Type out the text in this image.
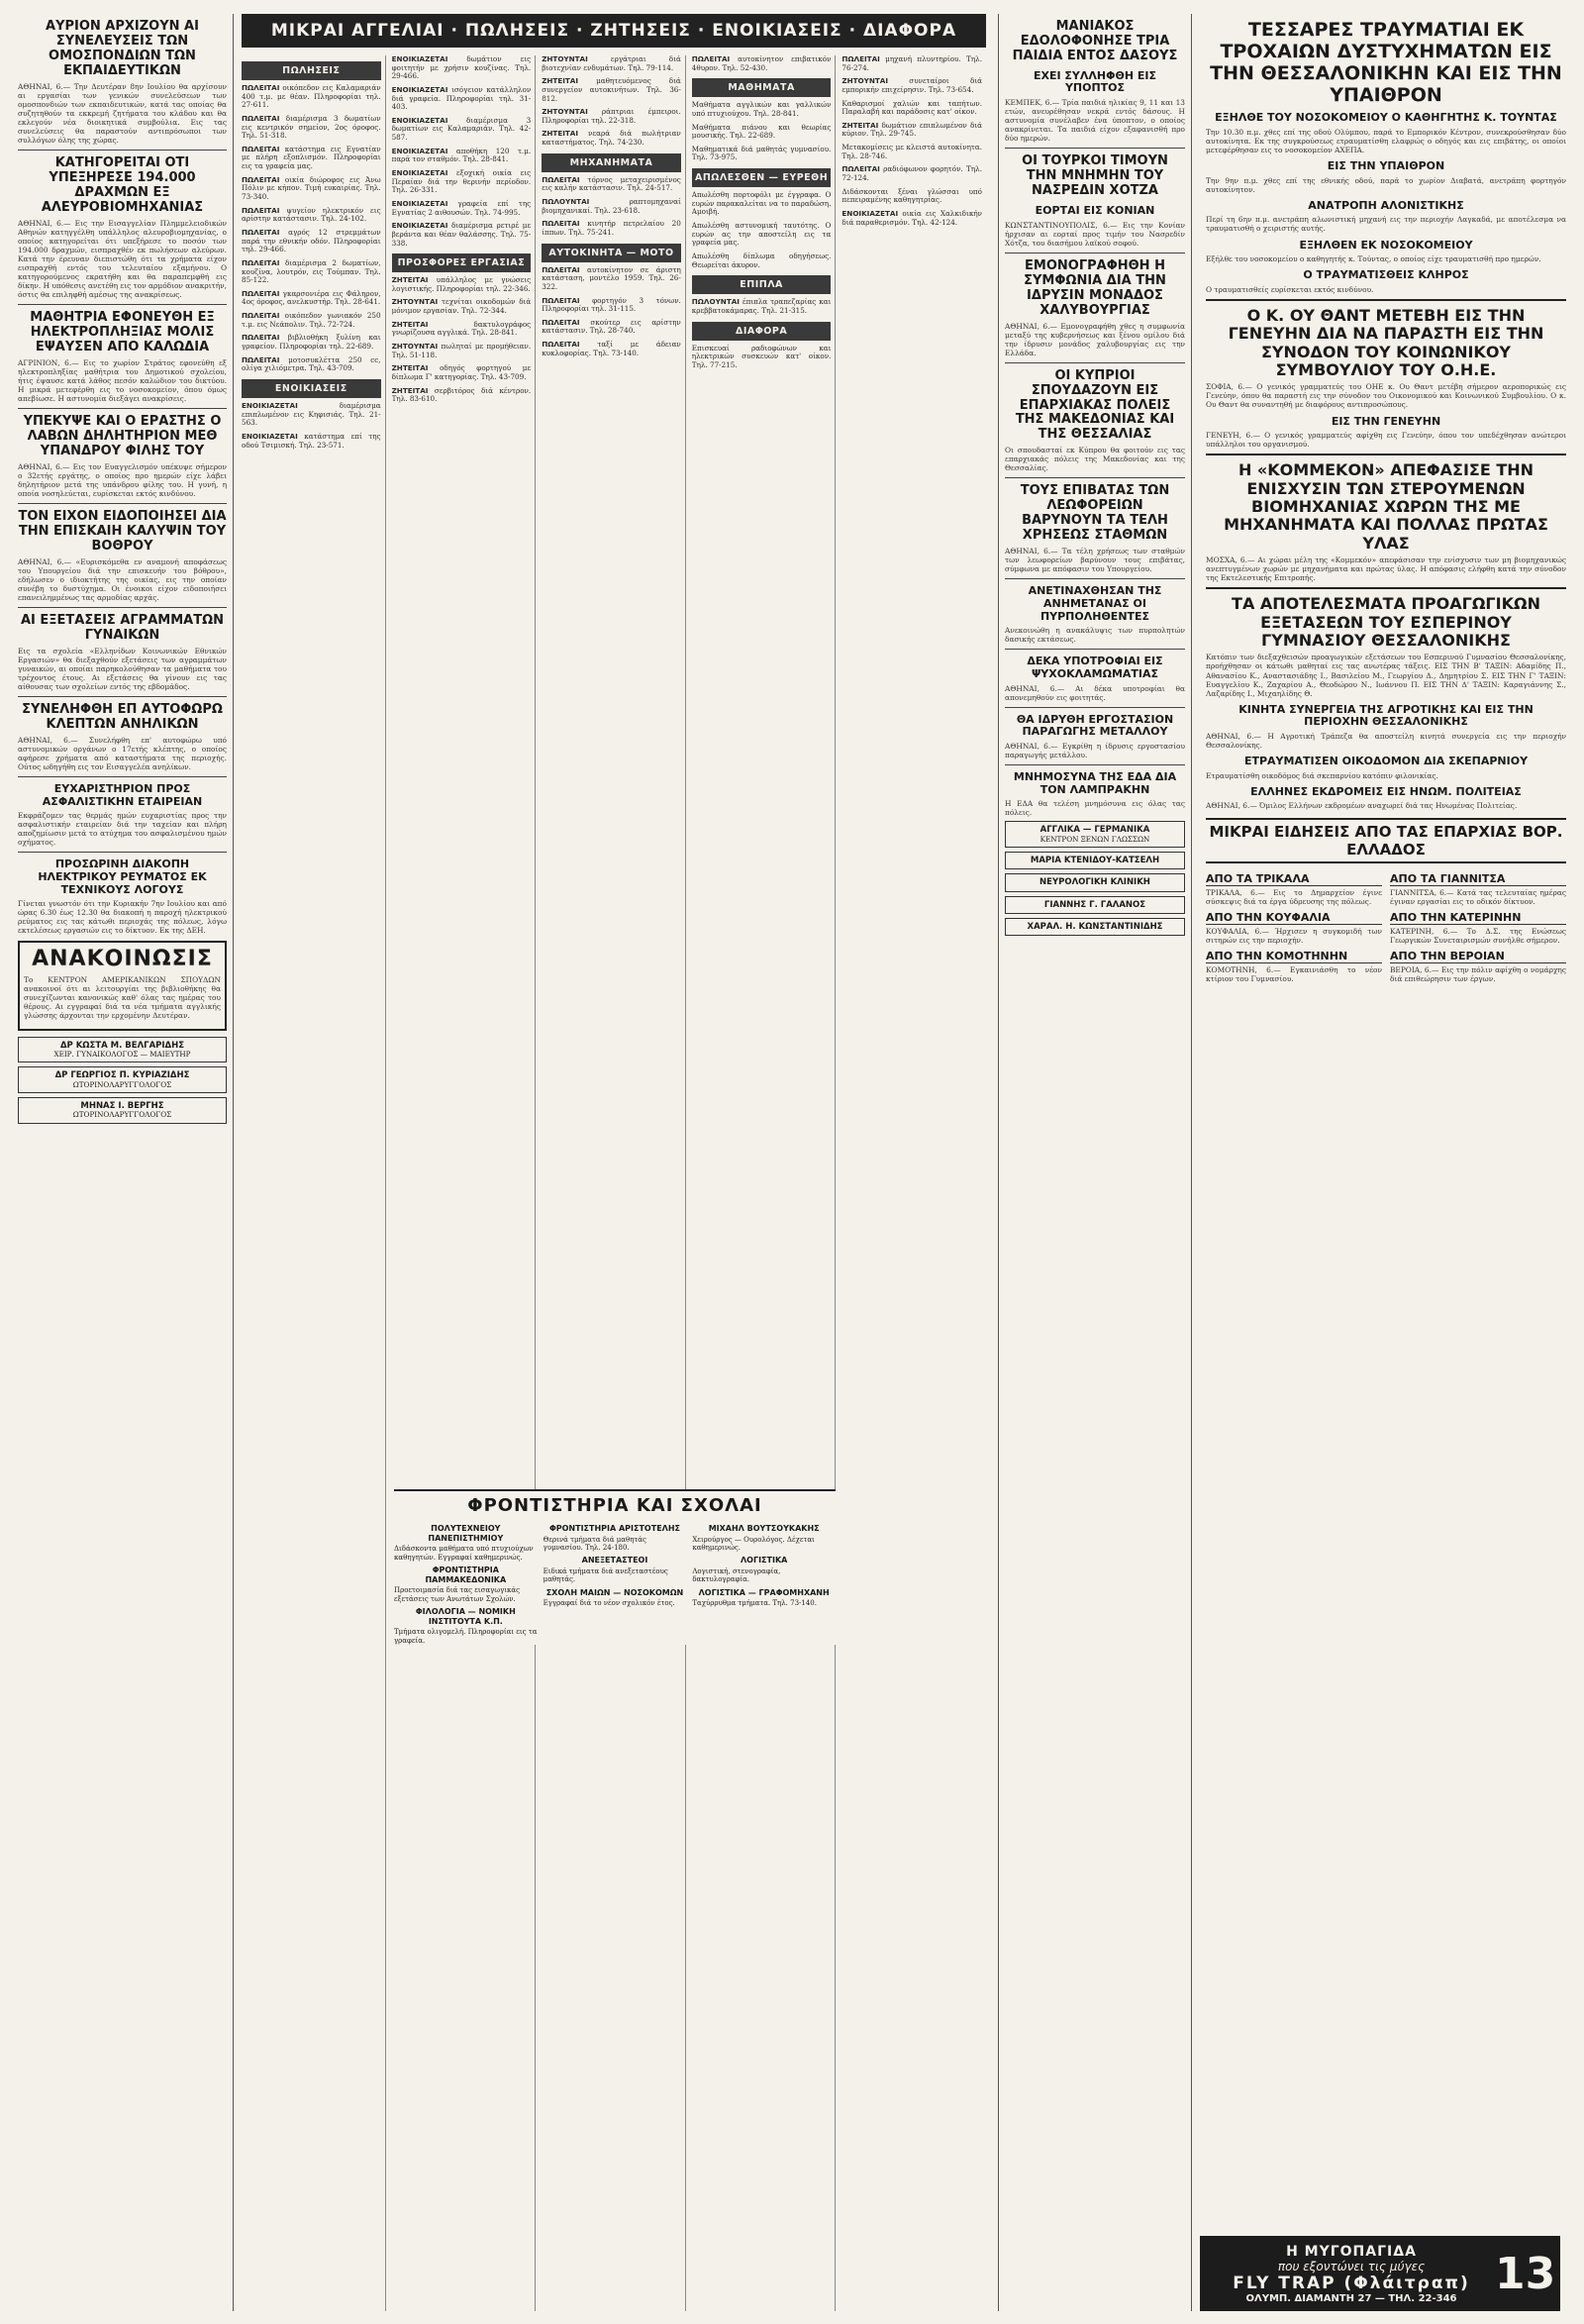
ΑΥΡΙΟΝ ΑΡΧΙΖΟΥΝ ΑΙ ΣΥΝΕΛΕΥΣΕΙΣ ΤΩΝ ΟΜΟΣΠΟΝΔΙΩΝ ΤΩΝ ΕΚΠΑΙΔΕΥΤΙΚΩΝ
ΑΘΗΝΑΙ, 6.— Την Δευτέραν 8ην Ιουλίου θα αρχίσουν αι εργασίαι των γενικών συνελεύσεων των ομοσπονδιών των εκπαιδευτικών, κατά τας οποίας θα συζητηθούν τα εκκρεμή ζητήματα του κλάδου και θα εκλεγούν νέα διοικητικά συμβούλια. Εις τας συνελεύσεις θα παραστούν αντιπρόσωποι των συλλόγων όλης της χώρας.
ΚΑΤΗΓΟΡΕΙΤΑΙ ΟΤΙ ΥΠΕΞΗΡΕΣΕ 194.000 ΔΡΑΧΜΩΝ ΕΞ ΑΛΕΥΡΟΒΙΟΜΗΧΑΝΙΑΣ
ΑΘΗΝΑΙ, 6.— Εις την Εισαγγελίαν Πλημμελειοδικών Αθηνών κατηγγέλθη υπάλληλος αλευροβιομηχανίας, ο οποίος κατηγορείται ότι υπεξήρεσε το ποσόν των 194.000 δραχμών, εισπραχθέν εκ πωλήσεων αλεύρων. Κατά την έρευναν διεπιστώθη ότι τα χρήματα είχον εισπραχθή εντός του τελευταίου εξαμήνου. Ο κατηγορούμενος εκρατήθη και θα παραπεμφθή εις δίκην. Η υπόθεσις ανετέθη εις τον αρμόδιον ανακριτήν, όστις θα επιληφθή αμέσως της ανακρίσεως.
ΜΑΘΗΤΡΙΑ ΕΦΟΝΕΥΘΗ ΕΞ ΗΛΕΚΤΡΟΠΛΗΞΙΑΣ ΜΟΛΙΣ ΕΨΑΥΣΕΝ ΑΠΟ ΚΑΛΩΔΙΑ
ΑΓΡΙΝΙΟΝ, 6.— Εις το χωρίον Στράτος εφονεύθη εξ ηλεκτροπληξίας μαθήτρια του Δημοτικού σχολείου, ήτις έψαυσε κατά λάθος πεσόν καλώδιον του δικτύου. Η μικρά μετεφέρθη εις το νοσοκομείον, όπου όμως απεβίωσε. Η αστυνομία διεξάγει ανακρίσεις.
ΥΠΕΚΥΨΕ ΚΑΙ Ο ΕΡΑΣΤΗΣ Ο ΛΑΒΩΝ ΔΗΛΗΤΗΡΙΟΝ ΜΕΘ ΥΠΑΝΔΡΟΥ ΦΙΛΗΣ ΤΟΥ
ΑΘΗΝΑΙ, 6.— Εις τον Ευαγγελισμόν υπέκυψε σήμερον ο 32ετής εργάτης, ο οποίος προ ημερών είχε λάβει δηλητήριον μετά της υπάνδρου φίλης του. Η γυνή, η οποία νοσηλεύεται, ευρίσκεται εκτός κινδύνου.
ΤΟΝ ΕΙΧΟΝ ΕΙΔΟΠΟΙΗΣΕΙ ΔΙΑ ΤΗΝ ΕΠΙΣΚΑΙΗ ΚΑΛΥΨΙΝ ΤΟΥ ΒΟΘΡΟΥ
ΑΘΗΝΑΙ, 6.— «Ευρισκόμεθα εν αναμονή αποφάσεως του Υπουργείου διά την επισκευήν του βόθρου», εδήλωσεν ο ιδιοκτήτης της οικίας, εις την οποίαν συνέβη το δυστύχημα. Οι ένοικοι είχον ειδοποιήσει επανειλημμένως τας αρμοδίας αρχάς.
ΑΙ ΕΞΕΤΑΣΕΙΣ ΑΓΡΑΜΜΑΤΩΝ ΓΥΝΑΙΚΩΝ
Εις τα σχολεία «Ελληνίδων Κοινωνικών Εθνικών Εργασιών» θα διεξαχθούν εξετάσεις των αγραμμάτων γυναικών, αι οποίαι παρηκολούθησαν τα μαθήματα του τρέχοντος έτους. Αι εξετάσεις θα γίνουν εις τας αίθουσας των σχολείων εντός της εβδομάδος.
ΣΥΝΕΛΗΦΘΗ ΕΠ ΑΥΤΟΦΩΡΩ ΚΛΕΠΤΩΝ ΑΝΗΛΙΚΩΝ
ΑΘΗΝΑΙ, 6.— Συνελήφθη επ' αυτοφώρω υπό αστυνομικών οργάνων ο 17ετής κλέπτης, ο οποίος αφήρεσε χρήματα από καταστήματα της περιοχής. Ούτος ωδηγήθη εις τον Εισαγγελέα ανηλίκων.
ΕΥΧΑΡΙΣΤΗΡΙΟΝ ΠΡΟΣ ΑΣΦΑΛΙΣΤΙΚΗΝ ΕΤΑΙΡΕΙΑΝ
Εκφράζομεν τας θερμάς ημών ευχαριστίας προς την ασφαλιστικήν εταιρείαν διά την ταχείαν και πλήρη αποζημίωσιν μετά το ατύχημα του ασφαλισμένου ημών οχήματος.
ΠΡΟΣΩΡΙΝΗ ΔΙΑΚΟΠΗ ΗΛΕΚΤΡΙΚΟΥ ΡΕΥΜΑΤΟΣ ΕΚ ΤΕΧΝΙΚΟΥΣ ΛΟΓΟΥΣ
Γίνεται γνωστόν ότι την Κυριακήν 7ην Ιουλίου και από ώρας 6.30 έως 12.30 θα διακοπή η παροχή ηλεκτρικού ρεύματος εις τας κάτωθι περιοχάς της πόλεως, λόγω εκτελέσεως εργασιών εις το δίκτυον. Εκ της ΔΕΗ.
ΑΝΑΚΟΙΝΩΣΙΣ
Το ΚΕΝΤΡΟΝ ΑΜΕΡΙΚΑΝΙΚΩΝ ΣΠΟΥΔΩΝ ανακοινοί ότι αι λειτουργίαι της βιβλιοθήκης θα συνεχίζωνται κανονικώς καθ' όλας τας ημέρας του θέρους. Αι εγγραφαί διά τα νέα τμήματα αγγλικής γλώσσης άρχονται την ερχομένην Δευτέραν.
ΔΡ ΚΩΣΤΑ Μ. ΒΕΛΓΑΡΙΔΗΣ
ΧΕΙΡ. ΓΥΝΑΙΚΟΛΟΓΟΣ — ΜΑΙΕΥΤΗΡ
ΔΡ ΓΕΩΡΓΙΟΣ Π. ΚΥΡΙΑΖΙΔΗΣ
ΩΤΟΡΙΝΟΛΑΡΥΓΓΟΛΟΓΟΣ
ΜΗΝΑΣ Ι. ΒΕΡΓΗΣ
ΩΤΟΡΙΝΟΛΑΡΥΓΓΟΛΟΓΟΣ
ΜΙΚΡΑΙ ΑΓΓΕΛΙΑΙ · ΠΩΛΗΣΕΙΣ · ΖΗΤΗΣΕΙΣ · ΕΝΟΙΚΙΑΣΕΙΣ · ΔΙΑΦΟΡΑ
ΠΩΛΗΣΕΙΣ
ΠΩΛΕΙΤΑΙ οικόπεδον εις Καλαμαριάν 400 τ.μ. με θέαν. Πληροφορίαι τηλ. 27-611.
ΠΩΛΕΙΤΑΙ διαμέρισμα 3 δωματίων εις κεντρικόν σημείον, 2ος όροφος. Τηλ. 51-318.
ΠΩΛΕΙΤΑΙ κατάστημα εις Εγνατίαν με πλήρη εξοπλισμόν. Πληροφορίαι εις τα γραφεία μας.
ΠΩΛΕΙΤΑΙ οικία διώροφος εις Άνω Πόλιν με κήπον. Τιμή ευκαιρίας. Τηλ. 73-340.
ΠΩΛΕΙΤΑΙ ψυγείον ηλεκτρικόν εις αρίστην κατάστασιν. Τηλ. 24-102.
ΠΩΛΕΙΤΑΙ αγρός 12 στρεμμάτων παρά την εθνικήν οδόν. Πληροφορίαι τηλ. 29-466.
ΠΩΛΕΙΤΑΙ διαμέρισμα 2 δωματίων, κουζίνα, λουτρόν, εις Τούμπαν. Τηλ. 85-122.
ΠΩΛΕΙΤΑΙ γκαρσονιέρα εις Φάληρον, 4ος όροφος, ανελκυστήρ. Τηλ. 28-641.
ΠΩΛΕΙΤΑΙ οικόπεδον γωνιακόν 250 τ.μ. εις Νεάπολιν. Τηλ. 72-724.
ΠΩΛΕΙΤΑΙ βιβλιοθήκη ξυλίνη και γραφείον. Πληροφορίαι τηλ. 22-689.
ΠΩΛΕΙΤΑΙ μοτοσυκλέττα 250 cc, ολίγα χιλιόμετρα. Τηλ. 43-709.
ΕΝΟΙΚΙΑΣΕΙΣ
ΕΝΟΙΚΙΑΖΕΤΑΙ διαμέρισμα επιπλωμένον εις Κηφισιάς. Τηλ. 21-563.
ΕΝΟΙΚΙΑΖΕΤΑΙ κατάστημα επί της οδού Τσιμισκή. Τηλ. 23-571.
ΕΝΟΙΚΙΑΖΕΤΑΙ δωμάτιον εις φοιτητήν με χρήσιν κουζίνας. Τηλ. 29-466.
ΕΝΟΙΚΙΑΖΕΤΑΙ ισόγειον κατάλληλον διά γραφεία. Πληροφορίαι τηλ. 31-403.
ΕΝΟΙΚΙΑΖΕΤΑΙ διαμέρισμα 3 δωματίων εις Καλαμαριάν. Τηλ. 42-587.
ΕΝΟΙΚΙΑΖΕΤΑΙ αποθήκη 120 τ.μ. παρά τον σταθμόν. Τηλ. 28-841.
ΕΝΟΙΚΙΑΖΕΤΑΙ εξοχική οικία εις Περαίαν διά την θερινήν περίοδον. Τηλ. 26-331.
ΕΝΟΙΚΙΑΖΕΤΑΙ γραφεία επί της Εγνατίας 2 αιθουσών. Τηλ. 74-995.
ΕΝΟΙΚΙΑΖΕΤΑΙ διαμέρισμα ρετιρέ με βεράντα και θέαν θαλάσσης. Τηλ. 75-338.
ΠΡΟΣΦΟΡΕΣ ΕΡΓΑΣΙΑΣ
ΖΗΤΕΙΤΑΙ υπάλληλος με γνώσεις λογιστικής. Πληροφορίαι τηλ. 22-346.
ΖΗΤΟΥΝΤΑΙ τεχνίται οικοδομών διά μόνιμον εργασίαν. Τηλ. 72-344.
ΖΗΤΕΙΤΑΙ δακτυλογράφος γνωρίζουσα αγγλικά. Τηλ. 28-841.
ΖΗΤΟΥΝΤΑΙ πωληταί με προμήθειαν. Τηλ. 51-118.
ΖΗΤΕΙΤΑΙ οδηγός φορτηγού με δίπλωμα Γ' κατηγορίας. Τηλ. 43-709.
ΖΗΤΕΙΤΑΙ σερβιτόρος διά κέντρον. Τηλ. 83-610.
ΖΗΤΟΥΝΤΑΙ εργάτριαι διά βιοτεχνίαν ενδυμάτων. Τηλ. 79-114.
ΖΗΤΕΙΤΑΙ μαθητευόμενος διά συνεργείον αυτοκινήτων. Τηλ. 36-812.
ΖΗΤΟΥΝΤΑΙ ράπτριαι έμπειροι. Πληροφορίαι τηλ. 22-318.
ΖΗΤΕΙΤΑΙ νεαρά διά πωλήτριαν καταστήματος. Τηλ. 74-230.
ΜΗΧΑΝΗΜΑΤΑ
ΠΩΛΕΙΤΑΙ τόρνος μεταχειρισμένος εις καλήν κατάστασιν. Τηλ. 24-517.
ΠΩΛΟΥΝΤΑΙ ραπτομηχαναί βιομηχανικαί. Τηλ. 23-618.
ΠΩΛΕΙΤΑΙ κινητήρ πετρελαίου 20 ίππων. Τηλ. 75-241.
ΑΥΤΟΚΙΝΗΤΑ — ΜΟΤΟ
ΠΩΛΕΙΤΑΙ αυτοκίνητον σε άριστη κατάσταση, μοντέλο 1959. Τηλ. 26-322.
ΠΩΛΕΙΤΑΙ φορτηγόν 3 τόνων. Πληροφορίαι τηλ. 31-115.
ΠΩΛΕΙΤΑΙ σκούτερ εις αρίστην κατάστασιν. Τηλ. 28-740.
ΠΩΛΕΙΤΑΙ ταξί με άδειαν κυκλοφορίας. Τηλ. 73-140.
ΠΩΛΕΙΤΑΙ αυτοκίνητον επιβατικόν 4θυρον. Τηλ. 52-430.
ΜΑΘΗΜΑΤΑ
Μαθήματα αγγλικών και γαλλικών υπό πτυχιούχου. Τηλ. 28-841.
Μαθήματα πιάνου και θεωρίας μουσικής. Τηλ. 22-689.
Μαθηματικά διά μαθητάς γυμνασίου. Τηλ. 73-975.
ΑΠΩΛΕΣΘΕΝ — ΕΥΡΕΘΗ
Απωλέσθη πορτοφόλι με έγγραφα. Ο ευρών παρακαλείται να το παραδώση. Αμοιβή.
Απωλέσθη αστυνομική ταυτότης. Ο ευρών ας την αποστείλη εις τα γραφεία μας.
Απωλέσθη δίπλωμα οδηγήσεως. Θεωρείται άκυρον.
ΕΠΙΠΛΑ
ΠΩΛΟΥΝΤΑΙ έπιπλα τραπεζαρίας και κρεββατοκάμαρας. Τηλ. 21-315.
ΔΙΑΦΟΡΑ
Επισκευαί ραδιοφώνων και ηλεκτρικών συσκευών κατ' οίκον. Τηλ. 77-215.
ΠΩΛΕΙΤΑΙ μηχανή πλυντηρίου. Τηλ. 76-274.
ΖΗΤΟΥΝΤΑΙ συνεταίροι διά εμπορικήν επιχείρησιν. Τηλ. 73-654.
Καθαρισμοί χαλιών και ταπήτων. Παραλαβή και παράδοσις κατ' οίκον.
ΖΗΤΕΙΤΑΙ δωμάτιον επιπλωμένον διά κύριον. Τηλ. 29-745.
Μετακομίσεις με κλειστά αυτοκίνητα. Τηλ. 28-746.
ΠΩΛΕΙΤΑΙ ραδιόφωνον φορητόν. Τηλ. 72-124.
Διδάσκονται ξέναι γλώσσαι υπό πεπειραμένης καθηγητρίας.
ΕΝΟΙΚΙΑΖΕΤΑΙ οικία εις Χαλκιδικήν διά παραθερισμόν. Τηλ. 42-124.
ΦΡΟΝΤΙΣΤΗΡΙΑ ΚΑΙ ΣΧΟΛΑΙ
ΠΟΛΥΤΕΧΝΕΙΟΥ ΠΑΝΕΠΙΣΤΗΜΙΟΥ
Διδάσκοντα μαθήματα υπό πτυχιούχων καθηγητών. Εγγραφαί καθημερινώς.
ΦΡΟΝΤΙΣΤΗΡΙΑ ΠΑΜΜΑΚΕΔΟΝΙΚΑ
Προετοιμασία διά τας εισαγωγικάς εξετάσεις των Ανωτάτων Σχολών.
ΦΙΛΟΛΟΓΙΑ — ΝΟΜΙΚΗ ΙΝΣΤΙΤΟΥΤΑ Κ.Π.
Τμήματα ολιγομελή. Πληροφορίαι εις τα γραφεία.
ΦΡΟΝΤΙΣΤΗΡΙΑ ΑΡΙΣΤΟΤΕΛΗΣ
Θερινά τμήματα διά μαθητάς γυμνασίου. Τηλ. 24-180.
ΑΝΕΞΕΤΑΣΤΕΟΙ
Ειδικά τμήματα διά ανεξεταστέους μαθητάς.
ΣΧΟΛΗ ΜΑΙΩΝ — ΝΟΣΟΚΟΜΩΝ
Εγγραφαί διά το νέον σχολικόν έτος.
ΜΙΧΑΗΛ ΒΟΥΤΣΟΥΚΑΚΗΣ
Χειρούργος — Ουρολόγος. Δέχεται καθημερινώς.
ΛΟΓΙΣΤΙΚΑ
Λογιστική, στενογραφία, δακτυλογραφία.
ΛΟΓΙΣΤΙΚΑ — ΓΡΑΦΟΜΗΧΑΝΗ
Ταχύρρυθμα τμήματα. Τηλ. 73-140.
ΜΑΝΙΑΚΟΣ ΕΔΟΛΟΦΟΝΗΣΕ ΤΡΙΑ ΠΑΙΔΙΑ ΕΝΤΟΣ ΔΑΣΟΥΣ
ΕΧΕΙ ΣΥΛΛΗΦΘΗ ΕΙΣ ΥΠΟΠΤΟΣ
ΚΕΜΠΕΚ, 6.— Τρία παιδιά ηλικίας 9, 11 και 13 ετών, ανευρέθησαν νεκρά εντός δάσους. Η αστυνομία συνέλαβεν ένα ύποπτον, ο οποίος ανακρίνεται. Τα παιδιά είχον εξαφανισθή προ δύο ημερών.
ΟΙ ΤΟΥΡΚΟΙ ΤΙΜΟΥΝ ΤΗΝ ΜΝΗΜΗΝ ΤΟΥ ΝΑΣΡΕΔΙΝ ΧΟΤΖΑ
ΕΟΡΤΑΙ ΕΙΣ ΚΟΝΙΑΝ
ΚΩΝΣΤΑΝΤΙΝΟΥΠΟΛΙΣ, 6.— Εις την Κονίαν ήρχισαν αι εορταί προς τιμήν του Νασρεδίν Χότζα, του διασήμου λαϊκού σοφού.
ΕΜΟΝΟΓΡΑΦΗΘΗ Η ΣΥΜΦΩΝΙΑ ΔΙΑ ΤΗΝ ΙΔΡΥΣΙΝ ΜΟΝΑΔΟΣ ΧΑΛΥΒΟΥΡΓΙΑΣ
ΑΘΗΝΑΙ, 6.— Εμονογραφήθη χθες η συμφωνία μεταξύ της κυβερνήσεως και ξένου ομίλου διά την ίδρυσιν μονάδος χαλυβουργίας εις την Ελλάδα.
ΟΙ ΚΥΠΡΙΟΙ ΣΠΟΥΔΑΖΟΥΝ ΕΙΣ ΕΠΑΡΧΙΑΚΑΣ ΠΟΛΕΙΣ ΤΗΣ ΜΑΚΕΔΟΝΙΑΣ ΚΑΙ ΤΗΣ ΘΕΣΣΑΛΙΑΣ
Οι σπουδασταί εκ Κύπρου θα φοιτούν εις τας επαρχιακάς πόλεις της Μακεδονίας και της Θεσσαλίας.
ΤΟΥΣ ΕΠΙΒΑΤΑΣ ΤΩΝ ΛΕΩΦΟΡΕΙΩΝ ΒΑΡΥΝΟΥΝ ΤΑ ΤΕΛΗ ΧΡΗΣΕΩΣ ΣΤΑΘΜΩΝ
ΑΘΗΝΑΙ, 6.— Τα τέλη χρήσεως των σταθμών των λεωφορείων βαρύνουν τους επιβάτας, σύμφωνα με απόφασιν του Υπουργείου.
ΑΝΕΤΙΝΑΧΘΗΣΑΝ ΤΗΣ ΑΝΗΜΕΤΑΝΑΣ ΟΙ ΠΥΡΠΟΛΗΘΕΝΤΕΣ
Ανεκοινώθη η ανακάλυψις των πυρπολητών δασικής εκτάσεως.
ΔΕΚΑ ΥΠΟΤΡΟΦΙΑΙ ΕΙΣ ΨΥΧΟΚΛΑΜΩΜΑΤΙΑΣ
ΑΘΗΝΑΙ, 6.— Αι δέκα υποτροφίαι θα απονεμηθούν εις φοιτητάς.
ΘΑ ΙΔΡΥΘΗ ΕΡΓΟΣΤΑΣΙΟΝ ΠΑΡΑΓΩΓΗΣ ΜΕΤΑΛΛΟΥ
ΑΘΗΝΑΙ, 6.— Εγκρίθη η ίδρυσις εργοστασίου παραγωγής μετάλλου.
ΜΝΗΜΟΣΥΝΑ ΤΗΣ ΕΔΑ ΔΙΑ ΤΟΝ ΛΑΜΠΡΑΚΗΝ
Η ΕΔΑ θα τελέση μνημόσυνα εις όλας τας πόλεις.
ΑΓΓΛΙΚΑ — ΓΕΡΜΑΝΙΚΑ
ΚΕΝΤΡΟΝ ΞΕΝΩΝ ΓΛΩΣΣΩΝ
ΜΑΡΙΑ ΚΤΕΝΙΔΟΥ-ΚΑΤΣΕΛΗ
ΝΕΥΡΟΛΟΓΙΚΗ ΚΛΙΝΙΚΗ
ΓΙΑΝΝΗΣ Γ. ΓΑΛΑΝΟΣ
ΧΑΡΑΛ. Η. ΚΩΝΣΤΑΝΤΙΝΙΔΗΣ
ΤΕΣΣΑΡΕΣ ΤΡΑΥΜΑΤΙΑΙ ΕΚ ΤΡΟΧΑΙΩΝ ΔΥΣΤΥΧΗΜΑΤΩΝ ΕΙΣ ΤΗΝ ΘΕΣΣΑΛΟΝΙΚΗΝ ΚΑΙ ΕΙΣ ΤΗΝ ΥΠΑΙΘΡΟΝ
ΕΞΗΛΘΕ ΤΟΥ ΝΟΣΟΚΟΜΕΙΟΥ Ο ΚΑΘΗΓΗΤΗΣ Κ. ΤΟΥΝΤΑΣ
Την 10.30 π.μ. χθες επί της οδού Ολύμπου, παρά το Εμπορικόν Κέντρον, συνεκρούσθησαν δύο αυτοκίνητα. Εκ της συγκρούσεως ετραυματίσθη ελαφρώς ο οδηγός και εις επιβάτης, οι οποίοι μετεφέρθησαν εις το νοσοκομείον ΑΧΕΠΑ.
ΕΙΣ ΤΗΝ ΥΠΑΙΘΡΟΝ
Την 9ην π.μ. χθες επί της εθνικής οδού, παρά το χωρίον Διαβατά, ανετράπη φορτηγόν αυτοκίνητον.
ΑΝΑΤΡΟΠΗ ΑΛΟΝΙΣΤΙΚΗΣ
Περί τη 6ην π.μ. ανετράπη αλωνιστική μηχανή εις την περιοχήν Λαγκαδά, με αποτέλεσμα να τραυματισθή ο χειριστής αυτής.
ΕΞΗΛΘΕΝ ΕΚ ΝΟΣΟΚΟΜΕΙΟΥ
Εξήλθε του νοσοκομείου ο καθηγητής κ. Τούντας, ο οποίος είχε τραυματισθή προ ημερών.
Ο ΤΡΑΥΜΑΤΙΣΘΕΙΣ ΚΛΗΡΟΣ
Ο τραυματισθείς ευρίσκεται εκτός κινδύνου.
Ο Κ. ΟΥ ΘΑΝΤ ΜΕΤΕΒΗ ΕΙΣ ΤΗΝ ΓΕΝΕΥΗΝ ΔΙΑ ΝΑ ΠΑΡΑΣΤΗ ΕΙΣ ΤΗΝ ΣΥΝΟΔΟΝ ΤΟΥ ΚΟΙΝΩΝΙΚΟΥ ΣΥΜΒΟΥΛΙΟΥ ΤΟΥ Ο.Η.Ε.
ΣΟΦΙΑ, 6.— Ο γενικός γραμματεύς του ΟΗΕ κ. Ου Θαντ μετέβη σήμερον αεροπορικώς εις Γενεύην, όπου θα παραστή εις την σύνοδον του Οικονομικού και Κοινωνικού Συμβουλίου. Ο κ. Ου Θαντ θα συναντηθή με διαφόρους αντιπροσώπους.
ΕΙΣ ΤΗΝ ΓΕΝΕΥΗΝ
ΓΕΝΕΥΗ, 6.— Ο γενικός γραμματεύς αφίχθη εις Γενεύην, όπου τον υπεδέχθησαν ανώτεροι υπάλληλοι του οργανισμού.
Η «ΚΟΜΜΕΚΟΝ» ΑΠΕΦΑΣΙΣΕ ΤΗΝ ΕΝΙΣΧΥΣΙΝ ΤΩΝ ΣΤΕΡΟΥΜΕΝΩΝ ΒΙΟΜΗΧΑΝΙΑΣ ΧΩΡΩΝ ΤΗΣ ΜΕ ΜΗΧΑΝΗΜΑΤΑ ΚΑΙ ΠΟΛΛΑΣ ΠΡΩΤΑΣ ΥΛΑΣ
ΜΟΣΧΑ, 6.— Αι χώραι μέλη της «Κομμεκόν» απεφάσισαν την ενίσχυσιν των μη βιομηχανικώς ανεπτυγμένων χωρών με μηχανήματα και πρώτας ύλας. Η απόφασις ελήφθη κατά την σύνοδον της Εκτελεστικής Επιτροπής.
ΤΑ ΑΠΟΤΕΛΕΣΜΑΤΑ ΠΡΟΑΓΩΓΙΚΩΝ ΕΞΕΤΑΣΕΩΝ ΤΟΥ ΕΣΠΕΡΙΝΟΥ ΓΥΜΝΑΣΙΟΥ ΘΕΣΣΑΛΟΝΙΚΗΣ
Κατόπιν των διεξαχθεισών προαγωγικών εξετάσεων του Εσπερινού Γυμνασίου Θεσσαλονίκης, προήχθησαν οι κάτωθι μαθηταί εις τας ανωτέρας τάξεις. ΕΙΣ ΤΗΝ Β' ΤΑΞΙΝ: Αδαμίδης Π., Αθανασίου Κ., Αναστασιάδης Ι., Βασιλείου Μ., Γεωργίου Δ., Δημητρίου Σ. ΕΙΣ ΤΗΝ Γ' ΤΑΞΙΝ: Ευαγγελίου Κ., Ζαχαρίου Α., Θεοδώρου Ν., Ιωάννου Π. ΕΙΣ ΤΗΝ Δ' ΤΑΞΙΝ: Καραγιάννης Σ., Λαζαρίδης Ι., Μιχαηλίδης Θ.
ΚΙΝΗΤΑ ΣΥΝΕΡΓΕΙΑ ΤΗΣ ΑΓΡΟΤΙΚΗΣ ΚΑΙ ΕΙΣ ΤΗΝ ΠΕΡΙΟΧΗΝ ΘΕΣΣΑΛΟΝΙΚΗΣ
ΑΘΗΝΑΙ, 6.— Η Αγροτική Τράπεζα θα αποστείλη κινητά συνεργεία εις την περιοχήν Θεσσαλονίκης.
ΕΤΡΑΥΜΑΤΙΣΕΝ ΟΙΚΟΔΟΜΟΝ ΔΙΑ ΣΚΕΠΑΡΝΙΟΥ
Ετραυματίσθη οικοδόμος διά σκεπαρνίου κατόπιν φιλονικίας.
ΕΛΛΗΝΕΣ ΕΚΔΡΟΜΕΙΣ ΕΙΣ ΗΝΩΜ. ΠΟΛΙΤΕΙΑΣ
ΑΘΗΝΑΙ, 6.— Όμιλος Ελλήνων εκδρομέων αναχωρεί διά τας Ηνωμένας Πολιτείας.
ΜΙΚΡΑΙ ΕΙΔΗΣΕΙΣ ΑΠΟ ΤΑΣ ΕΠΑΡΧΙΑΣ ΒΟΡ. ΕΛΛΑΔΟΣ
ΑΠΟ ΤΑ ΤΡΙΚΑΛΑ
ΤΡΙΚΑΛΑ, 6.— Εις το Δημαρχείον έγινε σύσκεψις διά τα έργα ύδρευσης της πόλεως.
ΑΠΟ ΤΗΝ ΚΟΥΦΑΛΙΑ
ΚΟΥΦΑΛΙΑ, 6.— Ήρχισεν η συγκομιδή των σιτηρών εις την περιοχήν.
ΑΠΟ ΤΗΝ ΚΟΜΟΤΗΝΗΝ
ΚΟΜΟΤΗΝΗ, 6.— Εγκαινιάσθη το νέον κτίριον του Γυμνασίου.
ΑΠΟ ΤΑ ΓΙΑΝΝΙΤΣΑ
ΓΙΑΝΝΙΤΣΑ, 6.— Κατά τας τελευταίας ημέρας έγιναν εργασίαι εις το οδικόν δίκτυον.
ΑΠΟ ΤΗΝ ΚΑΤΕΡΙΝΗΝ
ΚΑΤΕΡΙΝΗ, 6.— Το Δ.Σ. της Ενώσεως Γεωργικών Συνεταιρισμών συνήλθε σήμερον.
ΑΠΟ ΤΗΝ ΒΕΡΟΙΑΝ
ΒΕΡΟΙΑ, 6.— Εις την πόλιν αφίχθη ο νομάρχης διά επιθεώρησιν των έργων.
Η ΜΥΓΟΠΑΓΙΔΑ
που εξοντώνει τις μύγες
FLY TRAP (Φλάιτραπ)
ΟΛΥΜΠ. ΔΙΑΜΑΝΤΗ 27 — ΤΗΛ. 22-346 13
